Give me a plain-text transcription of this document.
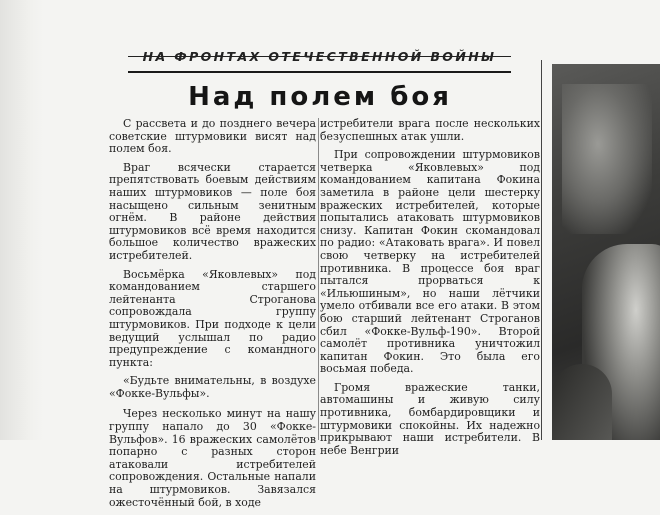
НА ФРОНТАХ ОТЕЧЕСТВЕННОЙ ВОЙНЫ
Над полем боя

С рассвета и до позднего вечера советские штурмовики висят над полем боя.

Враг всячески старается препятствовать боевым действиям наших штурмовиков — поле боя насыщено сильным зенитным огнём. В районе действия штурмовиков всё время находится большое количество вражеских истребителей.

Восьмёрка «Яковлевых» под командованием старшего лейтенанта Строганова сопровождала группу штурмовиков. При подходе к цели ведущий услышал по радио предупреждение с командного пункта:

«Будьте внимательны, в воздухе «Фокке-Вульфы».

Через несколько минут на нашу группу напало до 30 «Фокке-Вульфов». 16 вражеских самолётов попарно с разных сторон атаковали истребителей сопровождения. Остальные напали на штурмовиков. Завязался ожесточённый бой, в ходе

истребители врага после нескольких безуспешных атак ушли.

При сопровождении штурмовиков четверка «Яковлевых» под командованием капитана Фокина заметила в районе цели шестерку вражеских истребителей, которые попытались атаковать штурмовиков снизу. Капитан Фокин скомандовал по радио: «Атаковать врага». И повел свою четверку на истребителей противника. В процессе боя враг пытался прорваться к «Ильюшиным», но наши лётчики умело отбивали все его атаки. В этом бою старший лейтенант Строганов сбил «Фокке-Вульф-190». Второй самолёт противника уничтожил капитан Фокин. Это была его восьмая победа.

Громя вражеские танки, автомашины и живую силу противника, бомбардировщики и штурмовики спокойны. Их надежно прикрывают наши истребители. В небе Венгрии
